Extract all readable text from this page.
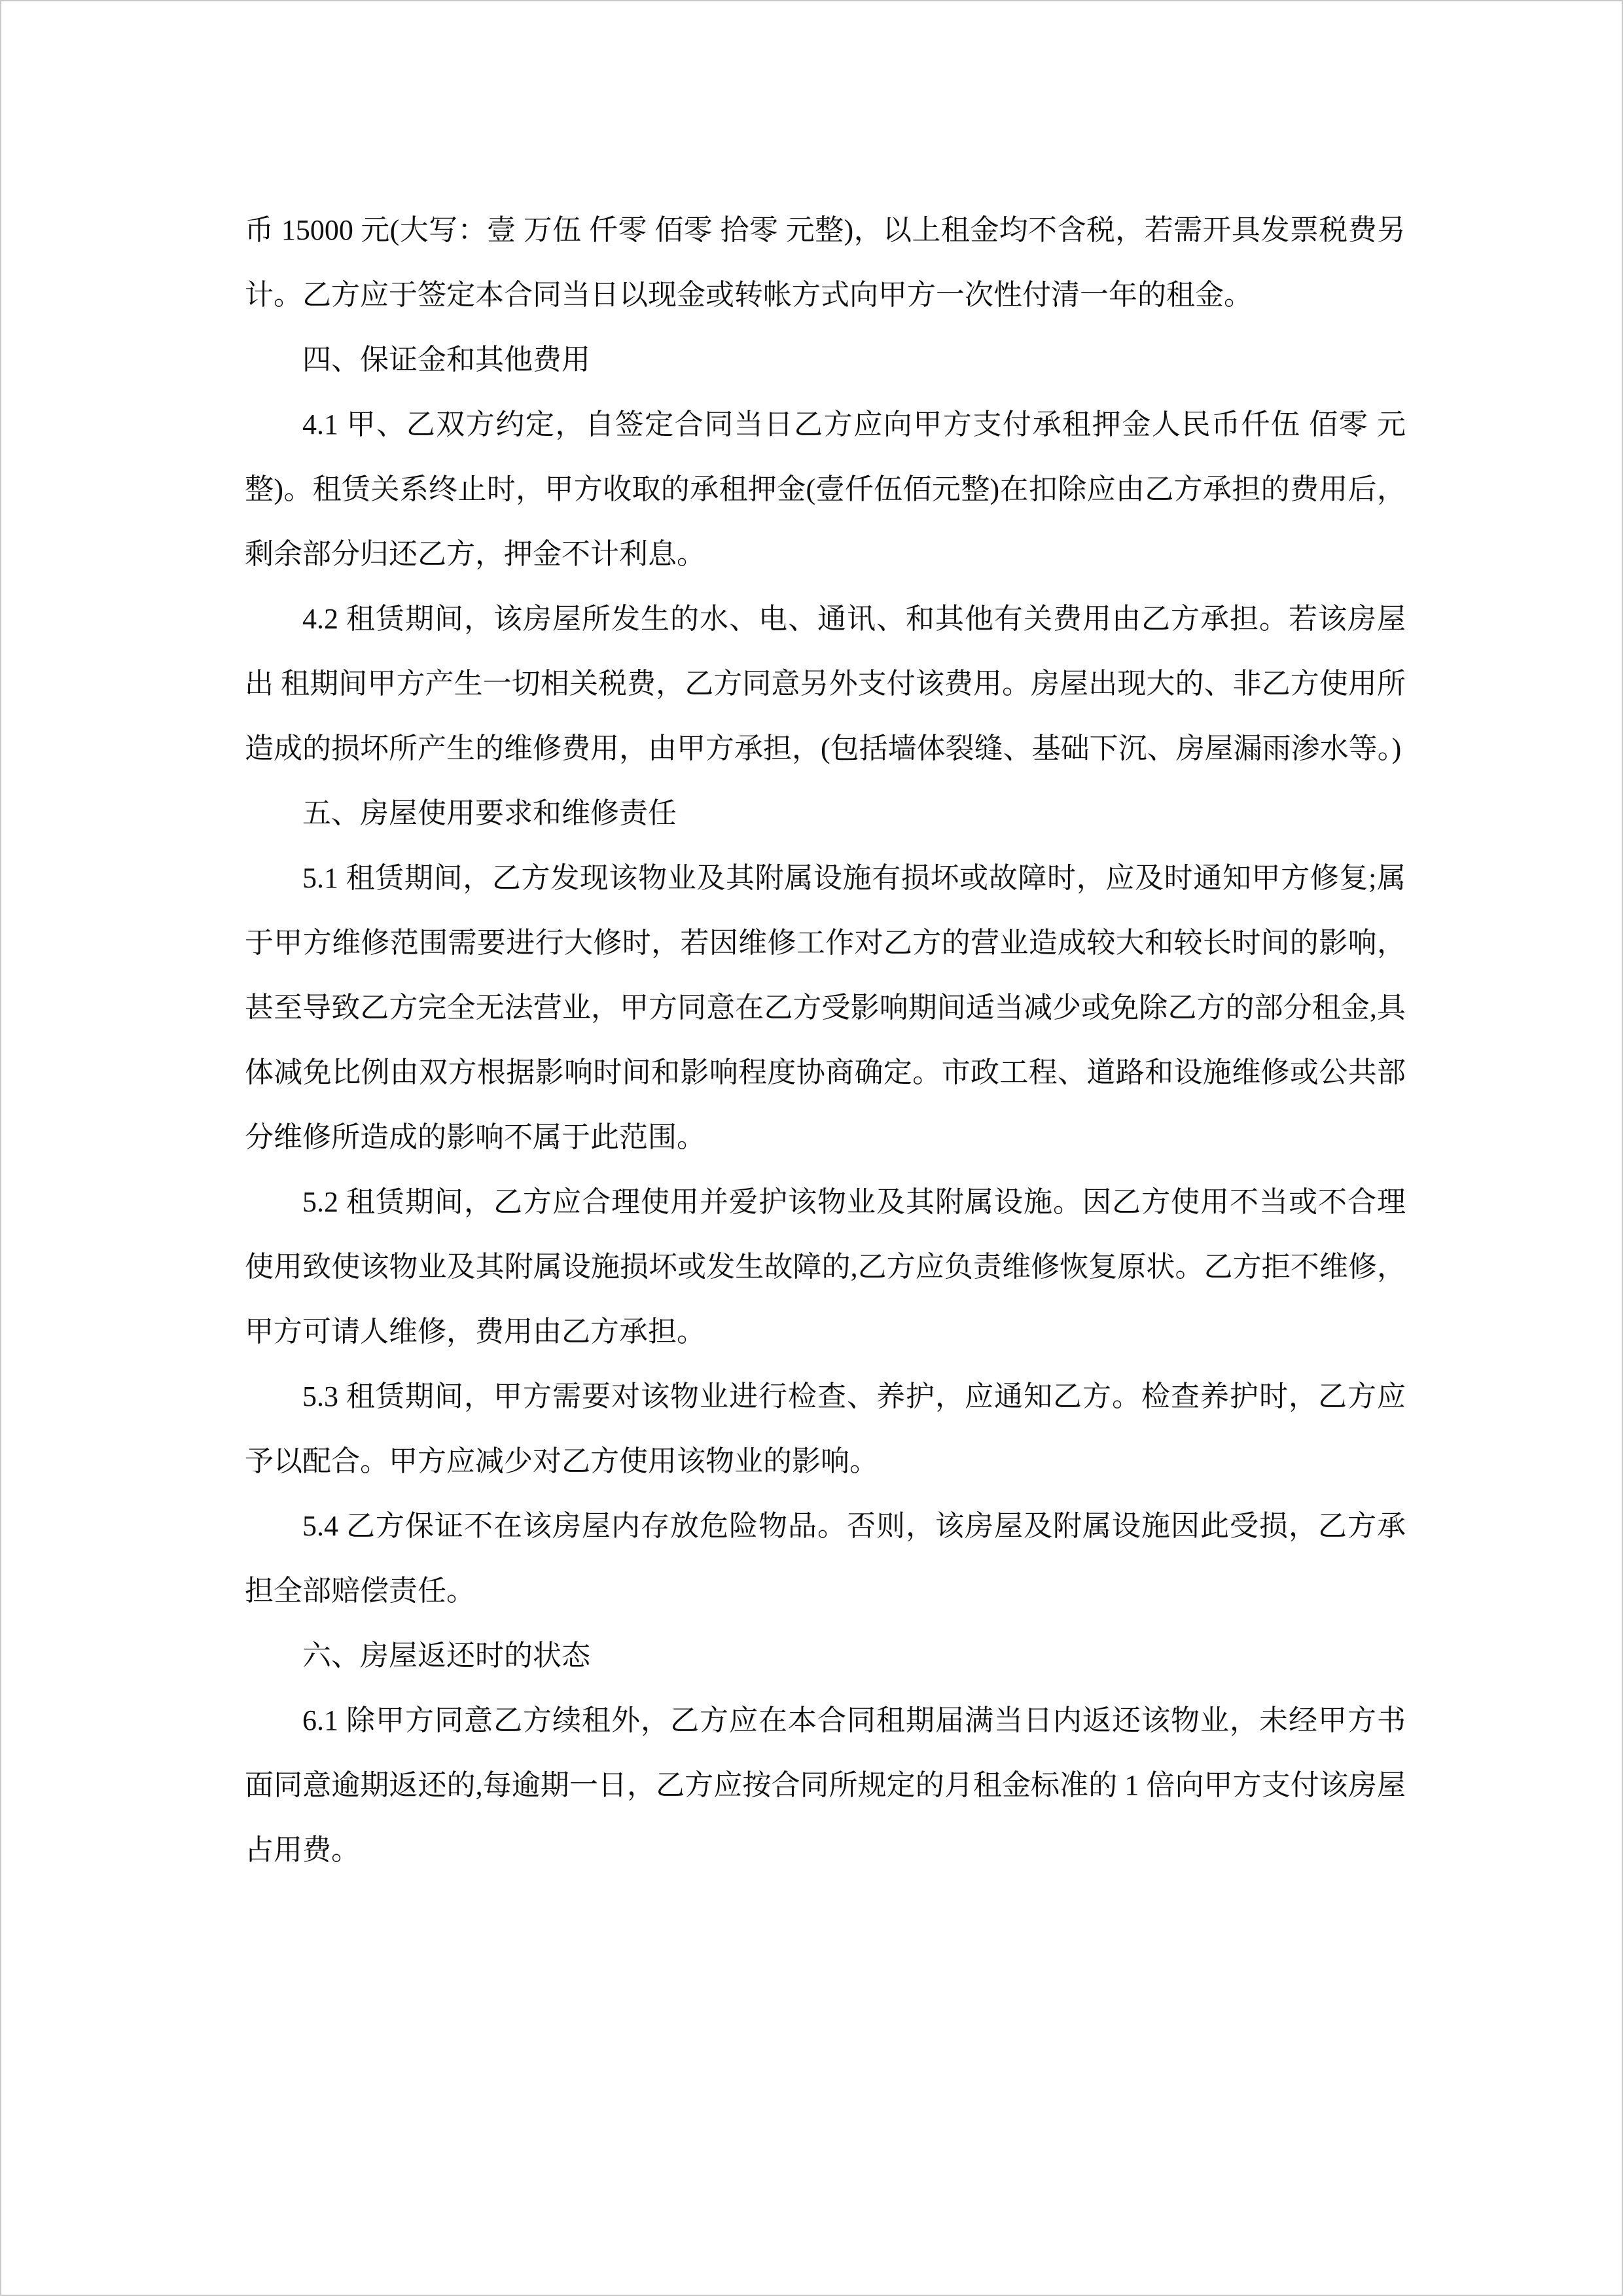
币 15000 元(大写：壹 万伍 仟零 佰零 拾零 元整)，以上租金均不含税，若需开具发票税费另计。乙方应于签定本合同当日以现金或转帐方式向甲方一次性付清一年的租金。

四、保证金和其他费用

4.1 甲、乙双方约定，自签定合同当日乙方应向甲方支付承租押金人民币仟伍 佰零 元整)。租赁关系终止时，甲方收取的承租押金(壹仟伍佰元整)在扣除应由乙方承担的费用后，剩余部分归还乙方，押金不计利息。

4.2 租赁期间，该房屋所发生的水、电、通讯、和其他有关费用由乙方承担。若该房屋出 租期间甲方产生一切相关税费，乙方同意另外支付该费用。房屋出现大的、非乙方使用所造成的损坏所产生的维修费用，由甲方承担，(包括墙体裂缝、基础下沉、房屋漏雨渗水等。)

五、房屋使用要求和维修责任

5.1 租赁期间，乙方发现该物业及其附属设施有损坏或故障时，应及时通知甲方修复;属于甲方维修范围需要进行大修时，若因维修工作对乙方的营业造成较大和较长时间的影响，甚至导致乙方完全无法营业，甲方同意在乙方受影响期间适当减少或免除乙方的部分租金,具体减免比例由双方根据影响时间和影响程度协商确定。市政工程、道路和设施维修或公共部分维修所造成的影响不属于此范围。

5.2 租赁期间，乙方应合理使用并爱护该物业及其附属设施。因乙方使用不当或不合理使用致使该物业及其附属设施损坏或发生故障的,乙方应负责维修恢复原状。乙方拒不维修，甲方可请人维修，费用由乙方承担。

5.3 租赁期间，甲方需要对该物业进行检查、养护，应通知乙方。检查养护时，乙方应予以配合。甲方应减少对乙方使用该物业的影响。

5.4 乙方保证不在该房屋内存放危险物品。否则，该房屋及附属设施因此受损，乙方承担全部赔偿责任。

六、房屋返还时的状态

6.1 除甲方同意乙方续租外，乙方应在本合同租期届满当日内返还该物业，未经甲方书面同意逾期返还的,每逾期一日，乙方应按合同所规定的月租金标准的 1 倍向甲方支付该房屋占用费。
